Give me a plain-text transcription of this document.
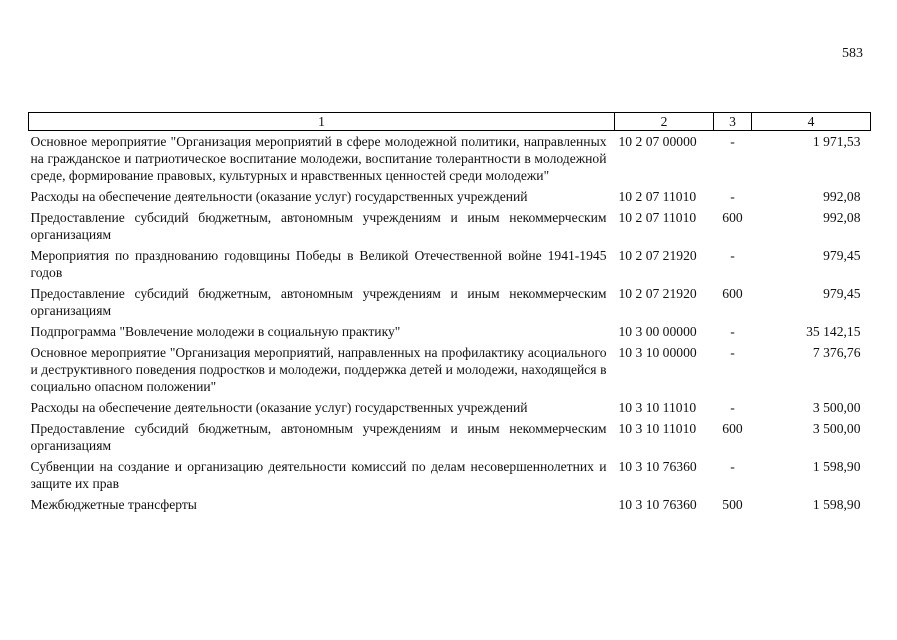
583
1	2	3	4
Основное мероприятие "Организация мероприятий в сфере молодежной политики, направленных на гражданское и патриотическое воспитание молодежи, воспитание толерантности в молодежной среде, формирование правовых, культурных и нравственных ценностей среди молодежи"	10 2 07 00000	-	1 971,53
Расходы на обеспечение деятельности (оказание услуг) государственных учреждений	10 2 07 11010	-	992,08
Предоставление субсидий бюджетным, автономным учреждениям и иным некоммерческим организациям	10 2 07 11010	600	992,08
Мероприятия по празднованию годовщины Победы в Великой Отечественной войне 1941-1945 годов	10 2 07 21920	-	979,45
Предоставление субсидий бюджетным, автономным учреждениям и иным некоммерческим организациям	10 2 07 21920	600	979,45
Подпрограмма "Вовлечение молодежи в социальную практику"	10 3 00 00000	-	35 142,15
Основное мероприятие "Организация мероприятий, направленных на профилактику асоциального и деструктивного поведения подростков и молодежи, поддержка детей и молодежи, находящейся в социально опасном положении"	10 3 10 00000	-	7 376,76
Расходы на обеспечение деятельности (оказание услуг) государственных учреждений	10 3 10 11010	-	3 500,00
Предоставление субсидий бюджетным, автономным учреждениям и иным некоммерческим организациям	10 3 10 11010	600	3 500,00
Субвенции на создание и организацию деятельности комиссий по делам несовершеннолетних и защите их прав	10 3 10 76360	-	1 598,90
Межбюджетные трансферты	10 3 10 76360	500	1 598,90
